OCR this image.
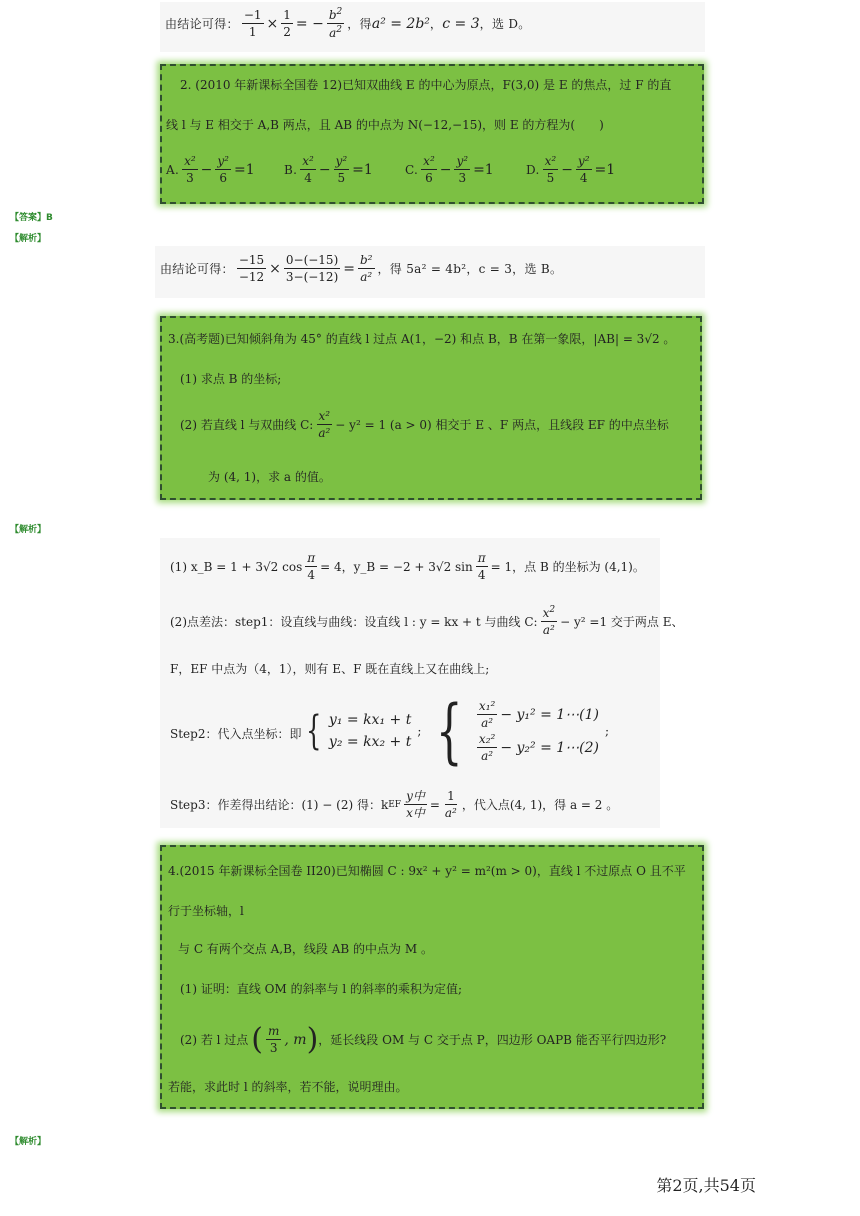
由结论可得： $\frac{-1}{1} \times \frac{1}{2}$ = − $\frac{b^2}{a^2}$ ，得 a² = 2b² ， c = 3 ， 选 D。
2. (2010 年新课标全国卷 12)已知双曲线 E 的中心为原点，F(3,0) 是 E 的焦点，过 F 的直
线 l 与 E 相交于 A,B 两点，且 AB 的中点为 N(−12,−15)，则 E 的方程为(　　)
A. $\frac{\text{x²}}{3} - \frac{\text{y²}}{6} =1$ B. $\frac{\text{x²}}{4} - \frac{\text{y²}}{5} =1$	C. $\frac{\text{x²}}{6} - \frac{\text{y²}}{3} =1$	D. $\frac{\text{x²}}{5} - \frac{\text{y²}}{4} =1$
【答案】B
【解析】
由结论可得： $\frac{-15}{-12} \times \frac{0-(-15)}{3-(-12)} = \frac{\text{b²}}{\text{a²}}$ ，得 5a² = 4b²，c = 3，选 B。
3.(高考题)已知倾斜角为 45° 的直线 l 过点 A(1，−2) 和点 B，B 在第一象限，|AB| = 3√2 。
(1) 求点 B 的坐标;
(2) 若直线 l 与双曲线 C: $\frac{\text{x²}}{\text{a²}} - y^2 = 1$ (a > 0) 相交于 E 、F 两点，且线段 EF 的中点坐标
为 (4, 1)，求 a 的值。
【解析】
(1) x_B = 1 + 3√2 $\cos \frac{\pi}{4} = 4$，y_B = −2 + 3√2 $\sin \frac{\pi}{4} = 1$，点 B 的坐标为 (4,1)。
(2)点差法：step1：设直线与曲线：设直线 l : y = kx + t 与曲线 C: $\frac{x^2}{\text{a²}} - y^2 =1$ 交于两点 E、
F，EF 中点为（4，1），则有 E、F 既在直线上又在曲线上;
Step2：代入点坐标：即 { y₁ = kx₁ + t
y₂ = kx₂ + t
; { $\frac{\text{x₁²}}{\text{a²}} - y_1^2$ = 1⋯(1)
$\frac{\text{x₂²}}{\text{a²}} - y_2^2$ = 1⋯(2)
;
Step3：作差得出结论：(1) − (2) 得：k EF $\frac{\text{y中}}{\text{x中}} = \frac{1}{\text{a²}}$ ，代入点(4, 1)，得 a = 2 。
4.(2015 年新课标全国卷 II20)已知椭圆 C : 9x² + y² = m²(m > 0)，直线 l 不过原点 O 且不平
行于坐标轴，l
与 C 有两个交点 A,B，线段 AB 的中点为 M 。
(1) 证明：直线 OM 的斜率与 l 的斜率的乘积为定值;
(2) 若 l 过点 ( $\frac{m}{3}$ , m ) ，延长线段 OM 与 C 交于点 P，四边形 OAPB 能否平行四边形?
若能，求此时 l 的斜率，若不能，说明理由。
【解析】
第2页,共54页
